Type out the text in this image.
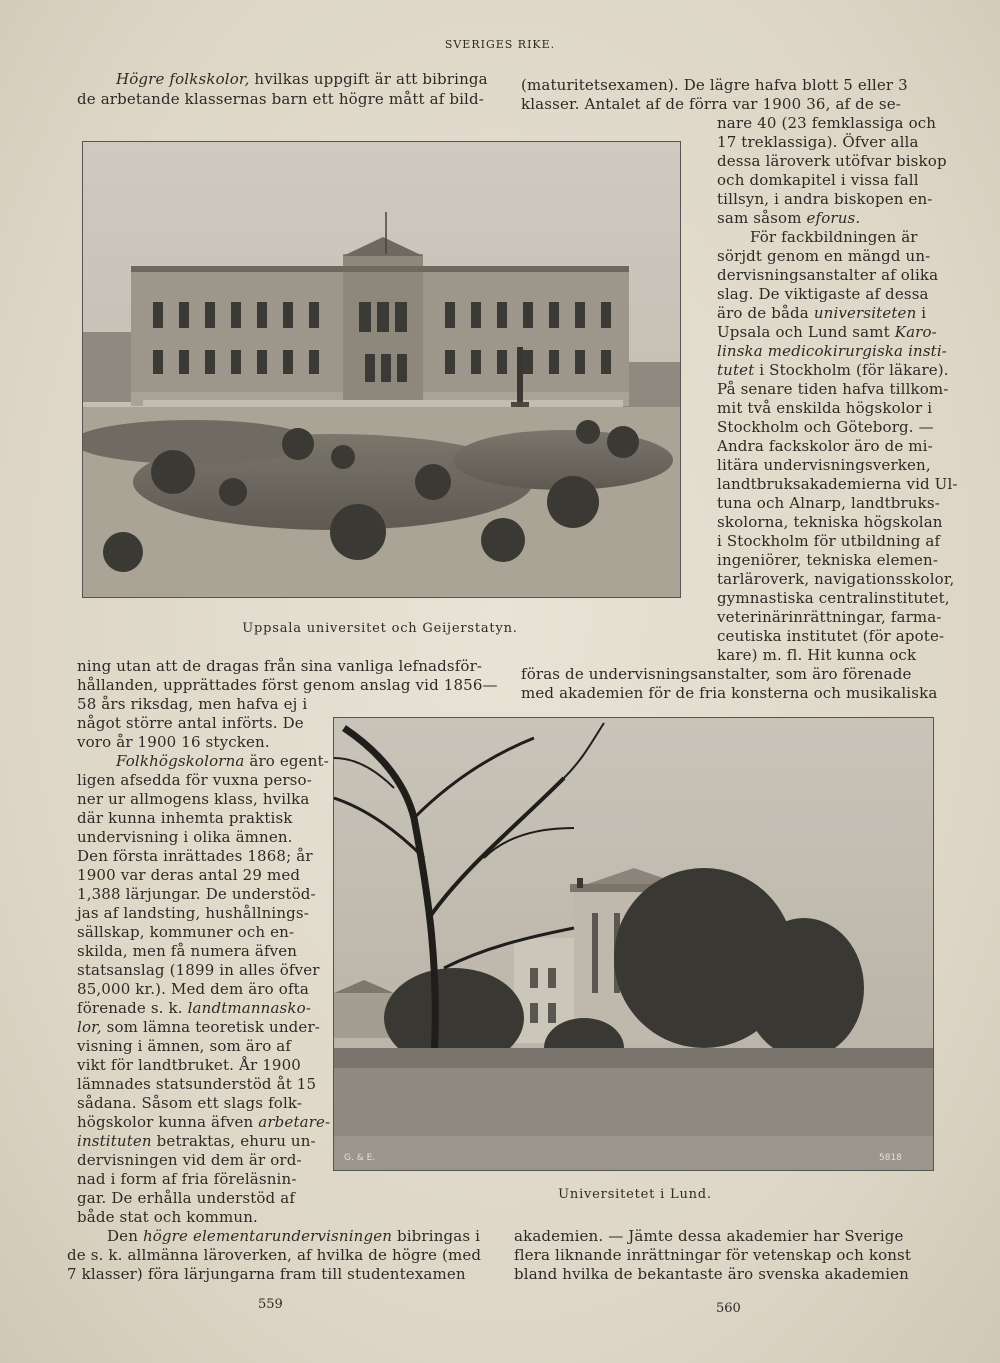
SVERIGES RIKE.
Högre folkskolor, hvilkas uppgift är att bibringa
de arbetande klassernas barn ett högre mått af bild-
Uppsala universitet och Geijerstatyn.
ning utan att de dragas från sina vanliga lefnadsför-
hållanden, upprättades först genom anslag vid 1856—
58 års riksdag, men hafva ej i
något större antal införts. De
voro år 1900 16 stycken.
Folkhögskolorna äro egent-
ligen afsedda för vuxna perso-
ner ur allmogens klass, hvilka
där kunna inhemta praktisk
undervisning i olika ämnen.
Den första inrättades 1868; år
1900 var deras antal 29 med
1,388 lärjungar. De understöd-
jas af landsting, hushållnings-
sällskap, kommuner och en-
skilda, men få numera äfven
statsanslag (1899 in alles öfver
85,000 kr.). Med dem äro ofta
förenade s. k. landtmannasko-
lor, som lämna teoretisk under-
visning i ämnen, som äro af
vikt för landtbruket. År 1900
lämnades statsunderstöd åt 15
sådana. Såsom ett slags folk-
högskolor kunna äfven arbetare-
instituten betraktas, ehuru un-
dervisningen vid dem är ord-
nad i form af fria föreläsnin-
gar. De erhålla understöd af
både stat och kommun.
Den högre elementarundervisningen bibringas i
de s. k. allmänna läroverken, af hvilka de högre (med
7 klasser) föra lärjungarna fram till studentexamen
559
(maturitetsexamen). De lägre hafva blott 5 eller 3
klasser. Antalet af de förra var 1900 36, af de se-
nare 40 (23 femklassiga och
17 treklassiga). Öfver alla
dessa läroverk utöfvar biskop
och domkapitel i vissa fall
tillsyn, i andra biskopen en-
sam såsom eforus.
För fackbildningen är
sörjdt genom en mängd un-
dervisningsanstalter af olika
slag. De viktigaste af dessa
äro de båda universiteten i
Upsala och Lund samt Karo-
linska medicokirurgiska insti-
tutet i Stockholm (för läkare).
På senare tiden hafva tillkom-
mit två enskilda högskolor i
Stockholm och Göteborg. —
Andra fackskolor äro de mi-
litära undervisningsverken,
landtbruksakademierna vid Ul-
tuna och Alnarp, landtbruks-
skolorna, tekniska högskolan
i Stockholm för utbildning af
ingeniörer, tekniska elemen-
tarläroverk, navigationsskolor,
gymnastiska centralinstitutet,
veterinärinrättningar, farma-
ceutiska institutet (för apote-
kare) m. fl. Hit kunna ock
föras de undervisningsanstalter, som äro förenade
med akademien för de fria konsterna och musikaliska
G. & E.	5818
Universitetet i Lund.
akademien. — Jämte dessa akademier har Sverige
flera liknande inrättningar för vetenskap och konst
bland hvilka de bekantaste äro svenska akademien
560
